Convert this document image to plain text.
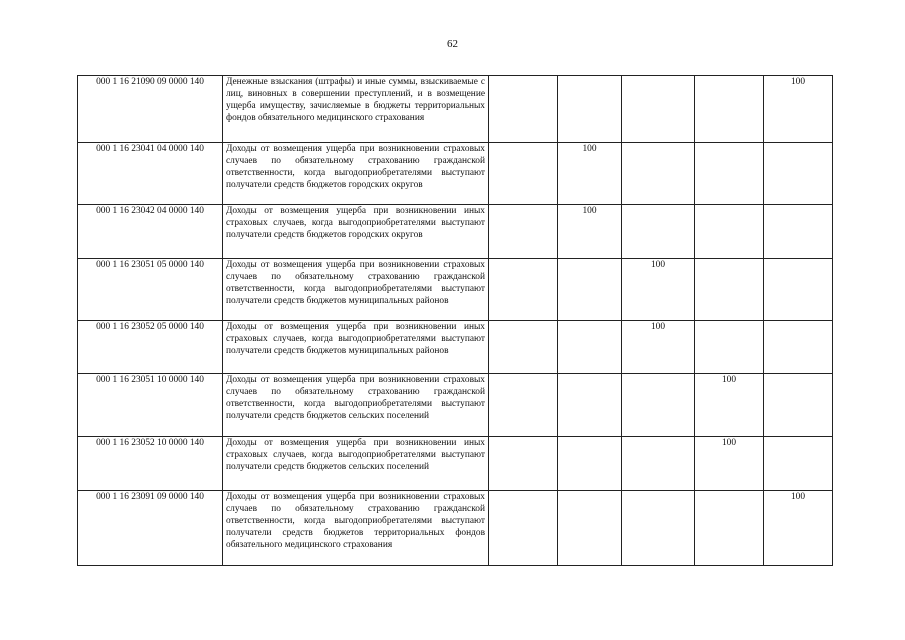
62
000 1 16 21090 09 0000 140	Денежные взыскания (штрафы) и иные суммы, взыскиваемые с лиц, виновных в совершении преступлений, и в возмещение ущерба имуществу, зачисляемые в бюджеты территориальных фондов обязательного медицинского страхования					100
000 1 16 23041 04 0000 140	Доходы от возмещения ущерба при возникновении страховых случаев по обязательному страхованию гражданской ответственности, когда выгодоприобретателями выступают получатели средств бюджетов городских округов		100			
000 1 16 23042 04 0000 140	Доходы от возмещения ущерба при возникновении иных страховых случаев, когда выгодоприобретателями выступают получатели средств бюджетов городских округов		100			
000 1 16 23051 05 0000 140	Доходы от возмещения ущерба при возникновении страховых случаев по обязательному страхованию гражданской ответственности, когда выгодоприобретателями выступают получатели средств бюджетов муниципальных районов			100		
000 1 16 23052 05 0000 140	Доходы от возмещения ущерба при возникновении иных страховых случаев, когда выгодоприобретателями выступают получатели средств бюджетов муниципальных районов			100		
000 1 16 23051 10 0000 140	Доходы от возмещения ущерба при возникновении страховых случаев по обязательному страхованию гражданской ответственности, когда выгодоприобретателями выступают получатели средств бюджетов сельских поселений				100	
000 1 16 23052 10 0000 140	Доходы от возмещения ущерба при возникновении иных страховых случаев, когда выгодоприобретателями выступают получатели средств бюджетов сельских поселений				100	
000 1 16 23091 09 0000 140	Доходы от возмещения ущерба при возникновении страховых случаев по обязательному страхованию гражданской ответственности, когда выгодоприобретателями выступают получатели средств бюджетов территориальных фондов обязательного медицинского страхования					100
